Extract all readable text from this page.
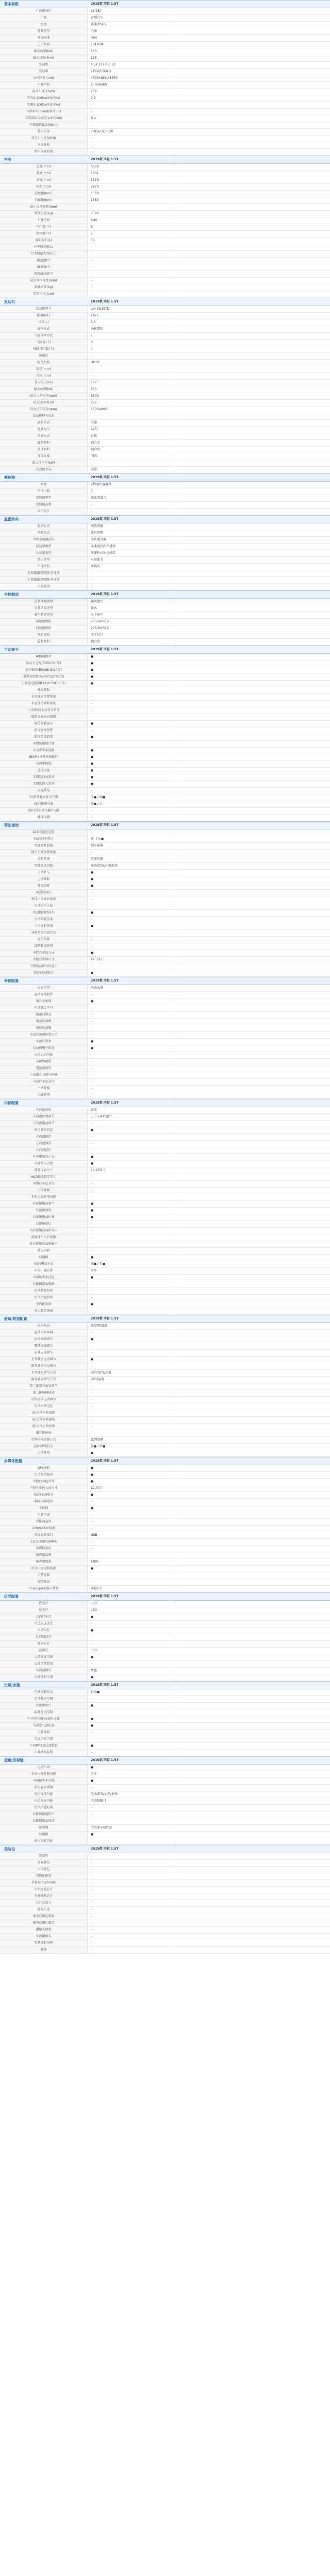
基本参数	2019款 四驱 1.5T
厂商指导价	11.98万
厂商	吉利汽车
级别	紧凑型SUV
能源类型	汽油
环保标准	国VI
上市时间	2019.08
最大功率(kW)	130
最大扭矩(N·m)	255
发动机	1.5T 177马力 L3
变速箱	7挡湿式双离合
长*宽*高(mm)	4500*1831*1670
车身结构	5门5座SUV
最高车速(km/h)	200
官方0-100km/h加速(s)	7.9
实测0-100km/h加速(s)	-
实测100-0km/h制动(m)	-
工信部综合油耗(L/100km)	6.4
实测油耗(L/100km)	-
整车质保	六年或15万公里
首任车主质保政策	-
国家补贴	-
整车保修政策	-
车身	2019款 四驱 1.5T
长度(mm)	4500
宽度(mm)	1831
高度(mm)	1670
轴距(mm)	2670
前轮距(mm)	1560
后轮距(mm)	1560
最小离地间隙(mm)	-
整备质量(kg)	1590
车身结构	SUV
车门数(个)	5
座位数(个)	5
油箱容积(L)	50
行李厢容积(L)	-
行李厢最大容积(L)	-
接近角(°)	-
离去角(°)	-
纵向通过角(°)	-
最大涉水深度(mm)	-
满载质量(kg)	-
货箱尺寸(mm)	-
发动机	2019款 四驱 1.5T
发动机型号	JLH-3G15TD
排量(mL)	1477
排量(L)	1.5
进气形式	涡轮增压
气缸排列形式	L
气缸数(个)	3
每缸气门数(个)	4
压缩比	-
配气机构	DOHC
缸径(mm)	-
行程(mm)	-
最大马力(Ps)	177
最大功率(kW)	130
最大功率转速(rpm)	5500
最大扭矩(N·m)	255
最大扭矩转速(rpm)	1500-4000
发动机特有技术	-
燃料形式	汽油
燃油标号	92号
供油方式	直喷
缸盖材料	铝合金
缸体材料	铝合金
环保标准	国VI
最大净功率(kW)	-
发动机布局	前置
变速箱	2019款 四驱 1.5T
简称	7挡湿式双离合
挡位个数	7
变速箱类型	湿式双离合
变速箱品牌	-
换挡拨片	-
底盘转向	2019款 四驱 1.5T
驱动方式	前置四驱
四驱形式	适时四驱
中央差速器结构	多片离合器
前悬架类型	麦弗逊式独立悬架
后悬架类型	多连杆式独立悬架
助力类型	电动助力
车体结构	承载式
前桥限滑差速器/差速锁	-
后桥限滑差速器/差速锁	-
可调悬架	-
车轮制动	2019款 四驱 1.5T
前制动器类型	通风盘式
后制动器类型	盘式
驻车制动类型	电子驻车
前轮胎规格	235/50 R19
后轮胎规格	235/50 R19
备胎规格	非全尺寸
轮毂材料	铝合金
主动安全	2019款 四驱 1.5T
ABS防抱死	●
制动力分配(EBD/CBC等)	●
刹车辅助(EBA/BAS/BA等)	●
牵引力控制(ASR/TCS/TRC等)	●
车身稳定控制(ESC/ESP/DSC等)	●
并线辅助	-
车道偏离预警系统	-
车道保持辅助系统	-
主动刹车/主动安全系统	-
道路交通标识识别	-
疲劳驾驶提示	●
前方碰撞预警	-
胎压监测装置	●
零胎压继续行驶	-
安全带未系提醒	●
ISOFIX儿童座椅接口	●
车内中控锁	●
遥控钥匙	●
无钥匙启动系统	●
无钥匙进入系统	●
夜视系统	-
主/副驾驶座安全气囊	主● / 副●
前/后排侧气囊	前● / 后-
前/后排头部气囊(气帘)	-
膝部气囊	-
驾驶辅助	2019款 四驱 1.5T
ACC自适应巡航	-
前/后驻车雷达	前- / 后●
驾驶辅助影像	倒车影像
倒车车侧预警系统	-
巡航系统	定速巡航
驾驶模式切换	运动/经济/标准舒适
自动驻车	●
上坡辅助	●
陡坡缓降	●
可变转向比	-
整体主动转向系统	-
自动泊车入位	-
发动机启停技术	●
自动驾驶技术	-
卫星导航系统	●
导航路况信息显示	-
地图品牌	-
道路救援呼叫	-
中控台彩色大屏	●
中控台大屏尺寸	12.3英寸
中控液晶屏分屏显示	-
蓝牙/车载电话	●
外部配置	2019款 四驱 1.5T
天窗类型	电动天窗
运动外观套件	-
铝合金轮圈	●
电动吸合车门	-
侧滑门形式	-
电动后备厢	-
感应后备厢	-
电动后备厢位置记忆	-
车顶行李架	●
发动机电子防盗	●
远程启动功能	-
车侧脚踏板	-
电池预加热	-
主动闭合式进气格栅	-
车载行车记录仪	-
主动降噪	-
无线充电	-
内部配置	2019款 四驱 1.5T
方向盘材质	真皮
方向盘位置调节	上下+前后调节
方向盘电动调节	-
多功能方向盘	●
方向盘换挡	-
方向盘加热	-
方向盘记忆	-
行车电脑显示屏	●
全液晶仪表盘	●
液晶仪表尺寸	10.25英寸
HUD抬头数字显示	-
内置行车记录仪	-
主动降噪	-
手机无线充电功能	-
后视镜电动调节	●
后视镜加热	●
后视镜电动折叠	●
后视镜记忆	-
内后视镜自动防眩目	-
流媒体车内后视镜	-
外后视镜自动防眩目	-
感应雨刷	-
后雨刷	●
前/后电动车窗	前● / 后●
车窗一键升降	全车
车窗防夹手功能	●
后排侧隐私玻璃	-
后排侧遮阳帘	-
后风挡遮阳帘	-
车内化妆镜	●
多层隔音玻璃	-
舒适/防盗配置	2019款 四驱 1.5T
座椅材质	皮/织物混搭
运动风格座椅	-
座椅高低调节	●
腰部支撑调节	-
肩部支撑调节	-
主驾驶座电动调节	●
副驾驶座电动调节	-
主驾驶座调节方式	前后/靠背/高低
副驾驶座调节方式	前后/靠背
第二排靠背角度调节	-
第二排座椅移动	-
后排座椅电动调节	-
电动座椅记忆	-
前/后排座椅加热	-
前/后排座椅通风	-
前/后排座椅按摩	-
第三排座椅	-
后排座椅放倒方式	比例放倒
前/后中央扶手	前● / 后●
后排杯架	●
多媒体配置	2019款 四驱 1.5T
GPS导航	●
定位互动服务	●
中控台彩色大屏	●
中控台彩色大屏尺寸	12.3英寸
蓝牙/车载电话	●
手机互联/映射	-
车联网	●
车载电视	-
后排液晶屏	-
220V/230V电源	-
外接音源接口	USB
CD支持MP3/WMA	-
多媒体系统	-
扬声器品牌	-
扬声器数量	6喇叭
语音识别控制系统	●
手势控制	-
OTA升级	-
USB/Type-C接口数量	前排2个
灯光配置	2019款 四驱 1.5T
近光灯	LED
远光灯	LED
日间行车灯	●
自适应远近光	-
自动头灯	●
转向辅助灯	-
转向头灯	-
前雾灯	LED
大灯高度可调	●
大灯清洗装置	-
车内氛围灯	单色
大灯延时关闭	●
空调/冰箱	2019款 四驱 1.5T
空调控制方式	自动●
后排独立空调	-
后座出风口	●
温度分区控制	-
车内空气调节/花粉过滤	●
车载空气净化器	●
车载冰箱	-
负离子发生器	-
车内PM2.5过滤装置	●
车载香氛装置	-
玻璃/后视镜	2019款 四驱 1.5T
电动车窗	●
车窗一键升降功能	全车
车窗防夹手功能	●
多层隔音玻璃	-
外后视镜功能	电动调节/加热/折叠
内后视镜功能	手动防眩目
后风挡遮阳帘	-
后排侧窗遮阳帘	-
后排侧隐私玻璃	-
化妆镜	主驾驶+副驾驶
后雨刷	●
感应雨刷功能	-
选装包	2019款 四驱 1.5T
选装包	-
外观颜色	-
内饰颜色	-
智能化配置	-
手机APP远程功能	-
车机智能芯片	-
驾驶辅助芯片	-
芯片总算力	-
激光雷达	-
毫米波雷达数量	-
超声波雷达数量	-
摄像头数量	-
车内摄像头	-
实测续航里程	-
其他	-
